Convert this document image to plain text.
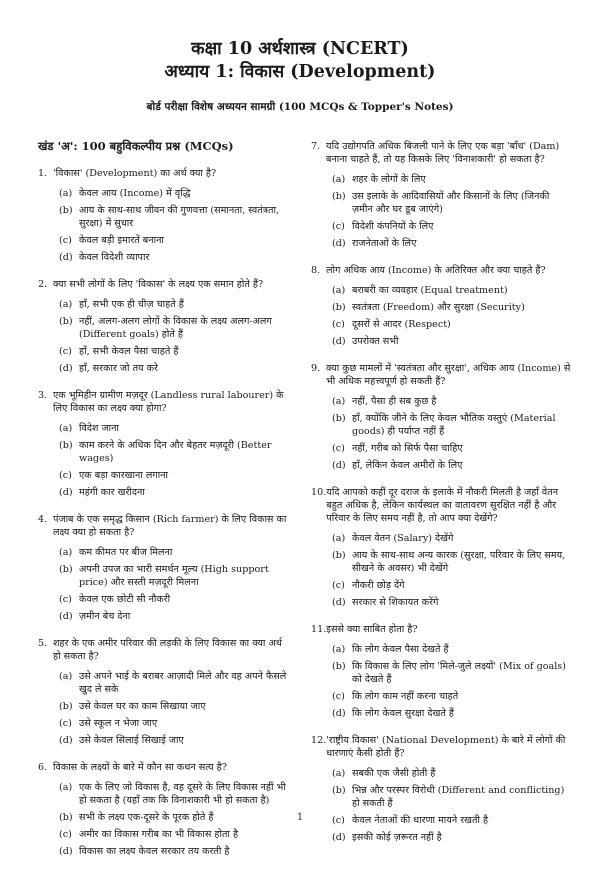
कक्षा 10 अर्थशास्त्र (NCERT)
अध्याय 1: विकास (Development)
बोर्ड परीक्षा विशेष अध्ययन सामग्री (100 MCQs & Topper's Notes)
खंड 'अ': 100 बहुविकल्पीय प्रश्न (MCQs)
1. 'विकास' (Development) का अर्थ क्या है?
(a) केवल आय (Income) में वृद्धि
(b) आय के साथ-साथ जीवन की गुणवत्ता (समानता, स्वतंत्रता, सुरक्षा) में सुधार
(c) केवल बड़ी इमारतें बनाना
(d) केवल विदेशी व्यापार
2. क्या सभी लोगों के लिए 'विकास' के लक्ष्य एक समान होते हैं?
(a) हाँ, सभी एक ही चीज़ चाहते हैं
(b) नहीं, अलग-अलग लोगों के विकास के लक्ष्य अलग-अलग (Different goals) होते हैं
(c) हाँ, सभी केवल पैसा चाहते हैं
(d) हाँ, सरकार जो तय करे
3. एक भूमिहीन ग्रामीण मज़दूर (Landless rural labourer) के लिए विकास का लक्ष्य क्या होगा?
(a) विदेश जाना
(b) काम करने के अधिक दिन और बेहतर मज़दूरी (Better wages)
(c) एक बड़ा कारखाना लगाना
(d) महंगी कार खरीदना
4. पंजाब के एक समृद्ध किसान (Rich farmer) के लिए विकास का लक्ष्य क्या हो सकता है?
(a) कम कीमत पर बीज मिलना
(b) अपनी उपज का भारी समर्थन मूल्य (High support price) और सस्ती मज़दूरी मिलना
(c) केवल एक छोटी सी नौकरी
(d) ज़मीन बेच देना
5. शहर के एक अमीर परिवार की लड़की के लिए विकास का क्या अर्थ हो सकता है?
(a) उसे अपने भाई के बराबर आज़ादी मिले और वह अपने फैसले खुद ले सके
(b) उसे केवल घर का काम सिखाया जाए
(c) उसे स्कूल न भेजा जाए
(d) उसे केवल सिलाई सिखाई जाए
6. विकास के लक्ष्यों के बारे में कौन सा कथन सत्य है?
(a) एक के लिए जो विकास है, वह दूसरे के लिए विकास नहीं भी हो सकता है (यहाँ तक कि विनाशकारी भी हो सकता है)
(b) सभी के लक्ष्य एक-दूसरे के पूरक होते हैं
(c) अमीर का विकास गरीब का भी विकास होता है
(d) विकास का लक्ष्य केवल सरकार तय करती है
7. यदि उद्योगपति अधिक बिजली पाने के लिए एक बड़ा 'बाँध' (Dam) बनाना चाहते हैं, तो यह किसके लिए 'विनाशकारी' हो सकता है?
(a) शहर के लोगों के लिए
(b) उस इलाके के आदिवासियों और किसानों के लिए (जिनकी ज़मीन और घर डूब जाएंगे)
(c) विदेशी कंपनियों के लिए
(d) राजनेताओं के लिए
8. लोग अधिक आय (Income) के अतिरिक्त और क्या चाहते हैं?
(a) बराबरी का व्यवहार (Equal treatment)
(b) स्वतंत्रता (Freedom) और सुरक्षा (Security)
(c) दूसरों से आदर (Respect)
(d) उपरोक्त सभी
9. क्या कुछ मामलों में 'स्वतंत्रता और सुरक्षा', अधिक आय (Income) से भी अधिक महत्त्वपूर्ण हो सकती हैं?
(a) नहीं, पैसा ही सब कुछ है
(b) हाँ, क्योंकि जीने के लिए केवल भौतिक वस्तुएं (Material goods) ही पर्याप्त नहीं हैं
(c) नहीं, गरीब को सिर्फ पैसा चाहिए
(d) हाँ, लेकिन केवल अमीरों के लिए
10. यदि आपको कहीं दूर दराज के इलाके में नौकरी मिलती है जहाँ वेतन बहुत अधिक है, लेकिन कार्यस्थल का वातावरण सुरक्षित नहीं है और परिवार के लिए समय नहीं है, तो आप क्या देखेंगे?
(a) केवल वेतन (Salary) देखेंगे
(b) आय के साथ-साथ अन्य कारक (सुरक्षा, परिवार के लिए समय, सीखने के अवसर) भी देखेंगे
(c) नौकरी छोड़ देंगे
(d) सरकार से शिकायत करेंगे
11. इससे क्या साबित होता है?
(a) कि लोग केवल पैसा देखते हैं
(b) कि विकास के लिए लोग 'मिले-जुले लक्ष्यों' (Mix of goals) को देखते हैं
(c) कि लोग काम नहीं करना चाहते
(d) कि लोग केवल सुरक्षा देखते हैं
12. 'राष्ट्रीय विकास' (National Development) के बारे में लोगों की धारणाएं कैसी होती हैं?
(a) सबकी एक जैसी होती हैं
(b) भिन्न और परस्पर विरोधी (Different and conflicting) हो सकती हैं
(c) केवल नेताओं की धारणा मायने रखती है
(d) इसकी कोई ज़रूरत नहीं है
1
